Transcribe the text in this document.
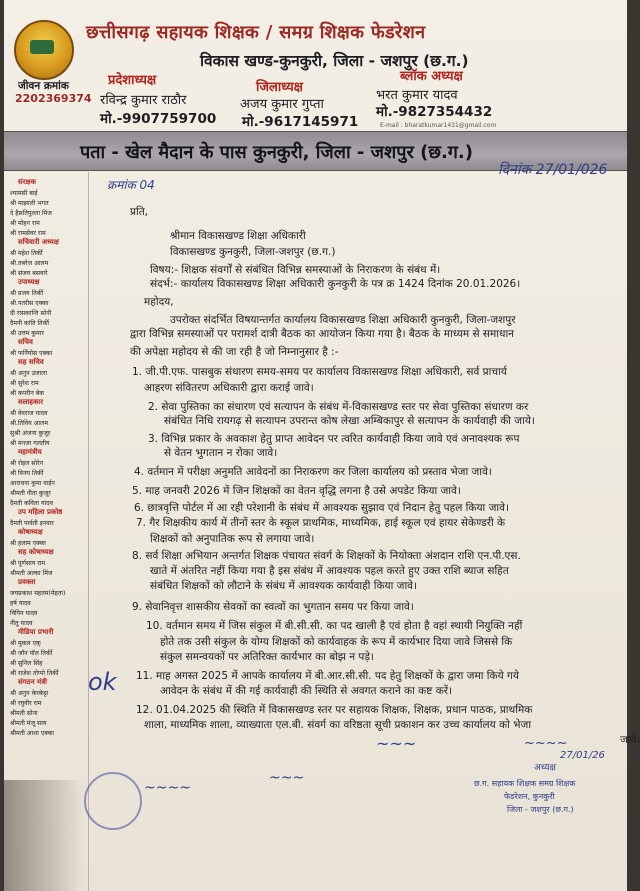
छत्तीसगढ़ सहायक शिक्षक / समग्र शिक्षक फेडरेशन
विकास खण्ड-कुनकुरी, जिला - जशपुर (छ.ग.)
जीवन क्रमांक
2202369374
प्रदेशाध्यक्ष
रविन्द्र कुमार राठौर
मो.-9907759700
जिलाध्यक्ष
अजय कुमार गुप्ता
मो.-9617145971
ब्लॉक अध्यक्ष
भरत कुमार यादव
मो.-9827354432
E-mail : bharatkumar1431@gmail.com
पता - खेल मैदान के पास कुनकुरी, जिला - जशपुर (छ.ग.)
दिनांक 27/01/026
क्रमांक 04
संरक्षक
श्यामसी बाई
श्री माझाली भगत
दे हैसतिपुल्ला मिंज
श्री मोहन राम
श्री रामसेवर राम
सचिवारी अध्यक्ष
श्री महेश तिर्की
श्री.तबरेज आलम
श्री संजय बसवारे
उपाध्यक्ष
श्री प्रजय तिर्की
श्री.पतरीस एक्का
दी रासकान्ति सोनी
दैमनी कांति तिर्की
श्री उत्तम कुमार
सचिव
श्री फर्नियोस एक्का
सह सचिव
श्री अनुप उजाला
श्री सुरेश राम
श्री कपरीन बेक
सलाहकार
श्री वेवराज यादव
श्री.तिविय आलम
सुश्री अंजना कुजूर
श्री मनजा गलतीय
महामंत्रीय
श्री रोइल सोरेन
श्री विनय तिर्की
आराधना कुमा वाईन
श्रीमती नीता कुजूर
दैमती कविता यादव
उप महिला प्रकोष्ठ
दैमती पार्वती इनवार
कोषाध्यक्ष
श्री हलाम एक्का
सह कोषाध्यक्ष
श्री पूर्णसाय राम
श्रीमती अल्का मिंज
प्रवक्ता
जयप्रकाश महतम(मेहता)
हर्ष यादव
विपिन यादव
नीतु यादव
मीडिया प्रभारी
श्री मुकल एक्
श्री जॉन पॉल तिर्की
श्री सुनिल सिंह
श्री राजेश तोप्पो तिर्की
संगठन मंत्री
श्री अनुप केरकेट्टा
श्री रघुवीर राम
श्रीमती सोना
श्रीमती मंजू साय
श्रीमती आशा एक्का
प्रति,
श्रीमान विकासखण्ड शिक्षा अधिकारी
विकासखण्ड कुनकुरी, जिला-जशपुर (छ.ग.)
विषय:- शिक्षक संवर्गों से संबंधित विभिन्न समस्याओं के निराकरण के संबंध में।
संदर्भ:- कार्यालय विकासखण्ड शिक्षा अधिकारी कुनकुरी के पत्र क्र 1424 दिनांक 20.01.2026।
महोदय,
उपरोक्त संदर्भित विषयान्तर्गत कार्यालय विकासखण्ड शिक्षा अधिकारी कुनकुरी, जिला-जशपुर
द्वारा विभिन्न समस्याओं पर परामर्श दात्री बैठक का आयोजन किया गया है। बैठक के माध्यम से समाधान
की अपेक्षा महोदय से की जा रही है जो निम्नानुसार है :-
1. जी.पी.एफ. पासबुक संधारण समय-समय पर कार्यालय विकासखण्ड शिक्षा अधिकारी, सर्व प्राचार्य
आहरण संवितरण अधिकारी द्वारा कराई जावे।
2. सेवा पुस्तिका का संधारण एवं सत्यापन के संबंध में-विकासखण्ड स्तर पर सेवा पुस्तिका संधारण कर
संबंधित निधि रायगढ़ से सत्यापन उपरान्त कोष लेखा अम्बिकापुर से सत्यापन के कार्यवाही की जाये।
3. विभिन्न प्रकार के अवकाश हेतु प्राप्त आवेदन पर त्वरित कार्यवाही किया जावे एवं अनावश्यक रूप
से वेतन भुगतान न रोका जावे।
4. वर्तमान में परीक्षा अनुमति आवेदनों का निराकरण कर जिला कार्यालय को प्रस्ताव भेजा जावे।
5. माह जनवरी 2026 में जिन शिक्षकों का वेतन वृद्धि लगना है उसे अपडेट किया जावे।
6. छात्रवृत्ति पोर्टल में आ रही परेशानी के संबंध में आवश्यक सुझाव एवं निदान हेतु पहल किया जावे।
7. गैर शिक्षकीय कार्य में तीनों स्तर के स्कूल प्राथमिक, माध्यमिक, हाई स्कूल एवं हायर सेकेण्डरी के
शिक्षकों को अनुपातिक रूप से लगाया जावे।
8. सर्व शिक्षा अभियान अन्तर्गत शिक्षक पंचायत संवर्ग के शिक्षकों के नियोक्ता अंशदान राशि एन.पी.एस.
खाते में अंतरित नहीं किया गया है इस संबंध में आवश्यक पहल करते हुए उक्त राशि ब्याज सहित
संबंधित शिक्षकों को लौटाने के संबंध में आवश्यक कार्यवाही किया जावे।
9. सेवानिवृत्त शासकीय सेवकों का स्वत्वों का भुगतान समय पर किया जावे।
10. वर्तमान समय में जिस संकुल में बी.सी.सी. का पद खाली है एवं होता है वहां स्थायी नियुक्ति नहीं
होते तक उसी संकुल के योग्य शिक्षकों को कार्यवाहक के रूप में कार्यभार दिया जावे जिससे कि
संकुल समन्वयकों पर अतिरिक्त कार्यभार का बोझ न पड़े।
11. माह अगस्त 2025 में आपके कार्यालय में बी.आर.सी.सी. पद हेतु शिक्षकों के द्वारा जमा किये गये
आवेदन के संबंध में की गई कार्यवाही की स्थिति से अवगत कराने का कष्ट करें।
12. 01.04.2025 की स्थिति में विकासखण्ड स्तर पर सहायक शिक्षक, शिक्षक, प्रधान पाठक, प्राथमिक
शाला, माध्यमिक शाला, व्याख्याता एल.बी. संवर्ग का वरिष्ठता सूची प्रकाशन कर उच्च कार्यालय को भेजा
जावे।
ok
~~~~
~~~
~~~	~~~~
27/01/26
अध्यक्ष
छ.ग. सहायक शिक्षक समग्र शिक्षक
फेडरेशन, कुनकुरी
जिला - जशपुर (छ.ग.)
